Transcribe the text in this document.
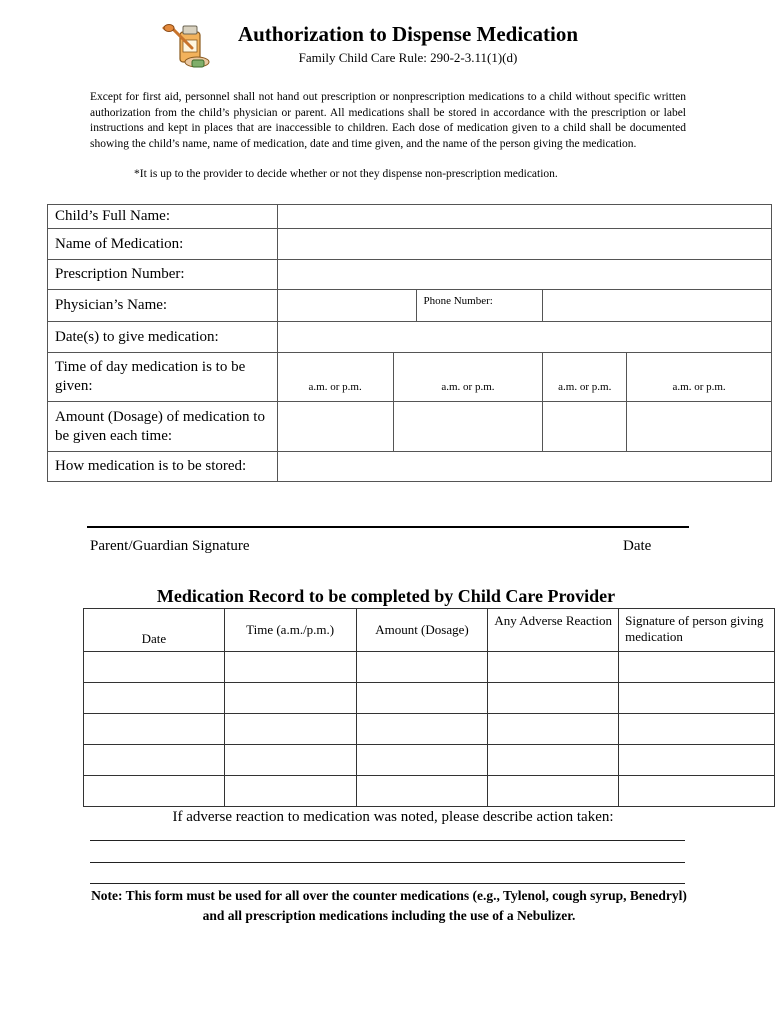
Authorization to Dispense Medication
Family Child Care Rule: 290-2-3.11(1)(d)
Except for first aid, personnel shall not hand out prescription or nonprescription medications to a child without specific written authorization from the child’s physician or parent. All medications shall be stored in accordance with the prescription or label instructions and kept in places that are inaccessible to children. Each dose of medication given to a child shall be documented showing the child’s name, name of medication, date and time given, and the name of the person giving the medication.
*It is up to the provider to decide whether or not they dispense non-prescription medication.
Child’s Full Name:					
Name of Medication:					
Prescription Number:					
Physician’s Name:			Phone Number:		
Date(s) to give medication:					
Time of day medication is to be given:	a.m. or p.m.	a.m. or p.m.		a.m. or p.m.	a.m. or p.m.
Amount (Dosage) of medication to be given each time:					
How medication is to be stored:					
Parent/Guardian Signature	Date
Medication Record to be completed by Child Care Provider
Date	Time (a.m./p.m.)	Amount (Dosage)	Any Adverse Reaction	Signature of person giving medication

If adverse reaction to medication was noted, please describe action taken:
Note: This form must be used for all over the counter medications (e.g., Tylenol, cough syrup, Benedryl) and all prescription medications including the use of a Nebulizer.
